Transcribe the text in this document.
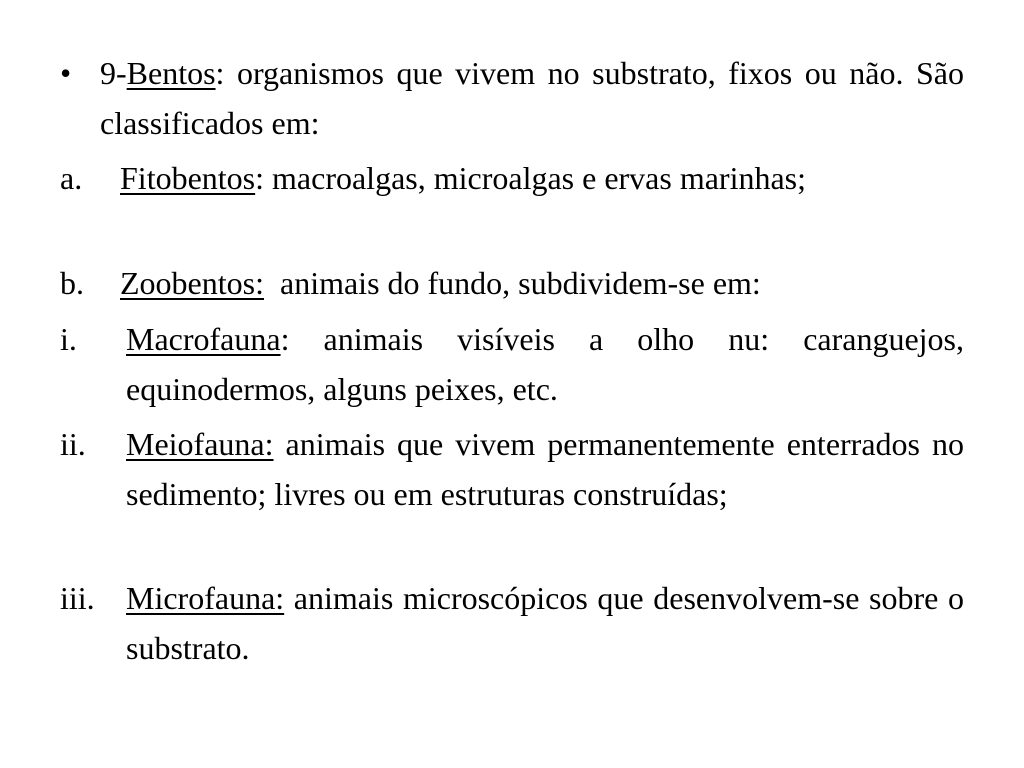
• 9-Bentos: organismos que vivem no substrato, fixos ou não. São classificados em:
a. Fitobentos: macroalgas, microalgas e ervas marinhas;
b. Zoobentos:  animais do fundo, subdividem-se em:
i. Macrofauna: animais visíveis a olho nu: caranguejos, equinodermos, alguns peixes, etc.
ii. Meiofauna: animais que vivem permanentemente enterrados no sedimento; livres ou em estruturas construídas;
iii. Microfauna: animais microscópicos que desenvolvem-se sobre o substrato.
